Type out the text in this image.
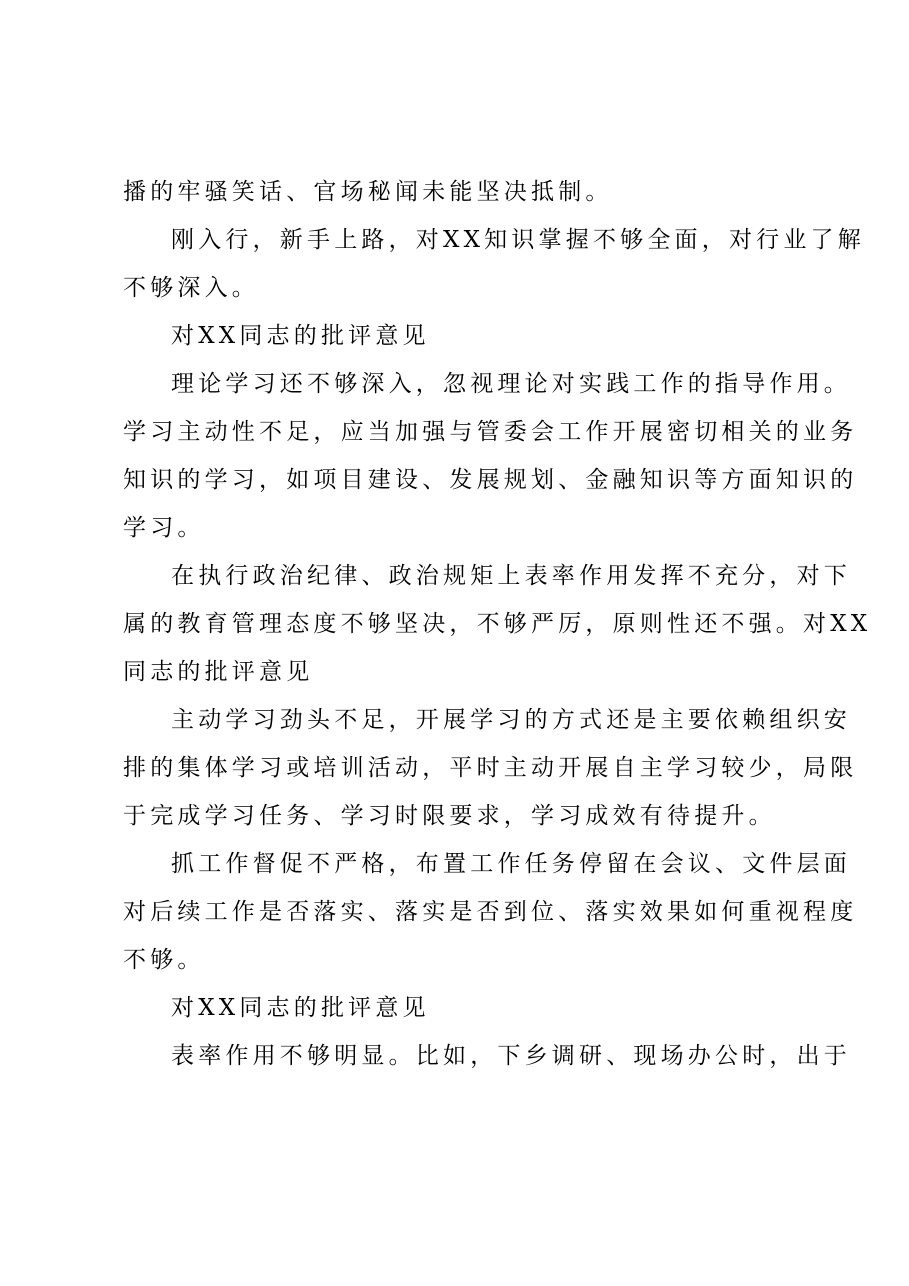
播的牢骚笑话、官场秘闻未能坚决抵制。
刚入行，新手上路，对XX知识掌握不够全面，对行业了解
不够深入。
对XX同志的批评意见
理论学习还不够深入，忽视理论对实践工作的指导作用。
学习主动性不足，应当加强与管委会工作开展密切相关的业务
知识的学习，如项目建设、发展规划、金融知识等方面知识的
学习。
在执行政治纪律、政治规矩上表率作用发挥不充分，对下
属的教育管理态度不够坚决，不够严厉，原则性还不强。对XX
同志的批评意见
主动学习劲头不足，开展学习的方式还是主要依赖组织安
排的集体学习或培训活动，平时主动开展自主学习较少，局限
于完成学习任务、学习时限要求，学习成效有待提升。
抓工作督促不严格，布置工作任务停留在会议、文件层面
对后续工作是否落实、落实是否到位、落实效果如何重视程度
不够。
对XX同志的批评意见
表率作用不够明显。比如，下乡调研、现场办公时，出于
